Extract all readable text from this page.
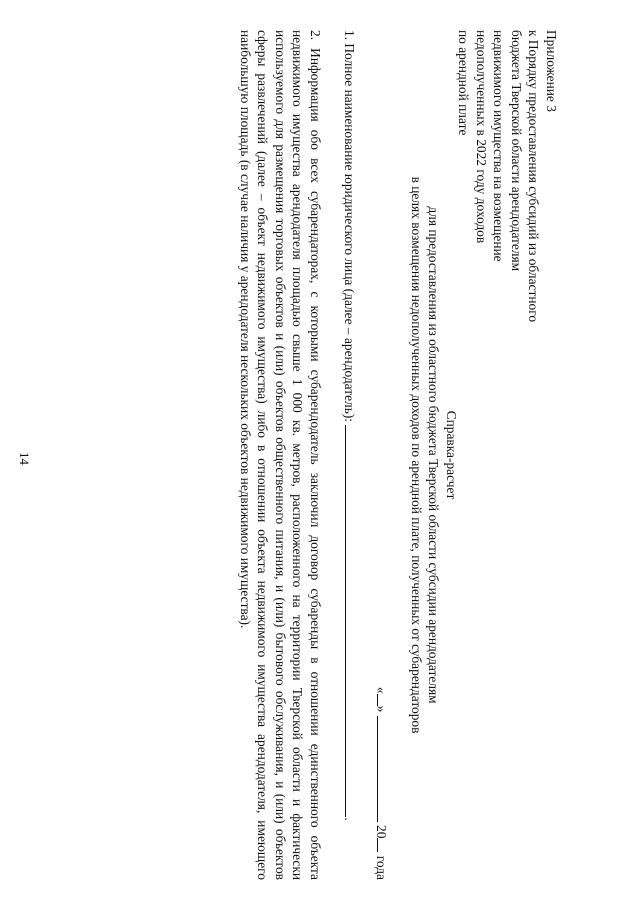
14
Приложение 3
к Порядку предоставления субсидий из областного
бюджета Тверской области арендодателям
недвижимого имущества на возмещение
недополученных в 2022 году доходов
по арендной плате
Справка-расчет
для предоставления из областного бюджета Тверской области субсидии арендодателям
в целях возмещения недополученных доходов по арендной плате, полученных от субарендаторов
«»  20 года
1. Полное наименование юридического лица (далее – арендодатель): .
2. Информация обо всех субарендаторах, с которыми субарендодатель заключил договор субаренды в отношении единственного объекта недвижимого имущества арендодателя площадью свыше 1 000 кв. метров, расположенного на территории Тверской области и фактически используемого для размещения торговых объектов и (или) объектов общественного питания, и (или) бытового обслуживания, и (или) объектов сферы развлечений (далее – объект недвижимого имущества) либо в отношении объекта недвижимого имущества арендодателя, имеющего наибольшую площадь (в случае наличия у арендодателя нескольких объектов недвижимого имущества).
